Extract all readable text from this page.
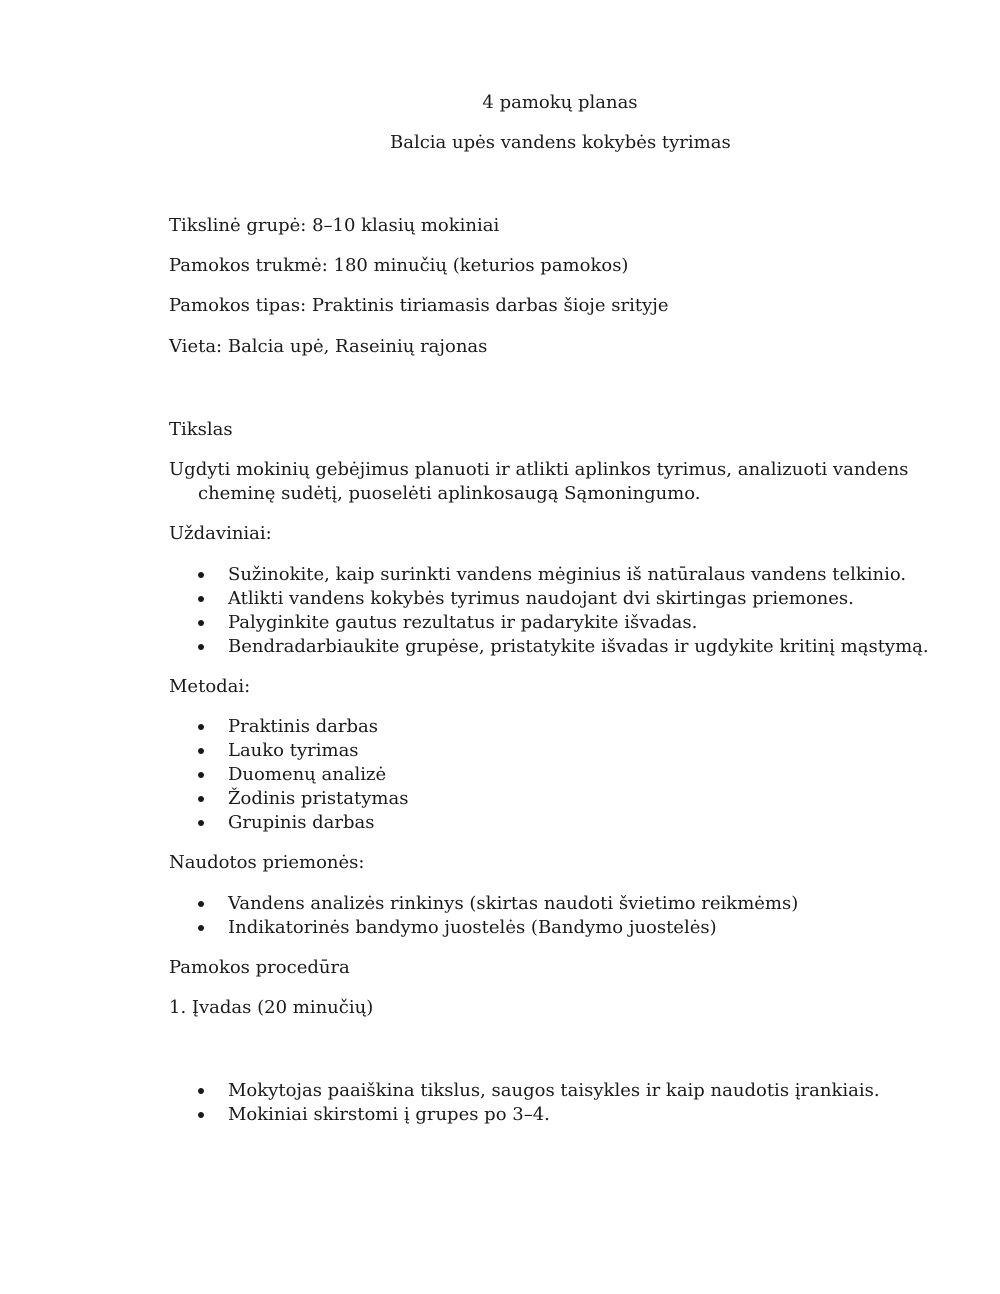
4 pamokų planas
Balcia upės vandens kokybės tyrimas
Tikslinė grupė: 8–10 klasių mokiniai
Pamokos trukmė: 180 minučių (keturios pamokos)
Pamokos tipas: Praktinis tiriamasis darbas šioje srityje
Vieta: Balcia upė, Raseinių rajonas
Tikslas
Ugdyti mokinių gebėjimus planuoti ir atlikti aplinkos tyrimus, analizuoti vandens cheminę sudėtį, puoselėti aplinkosaugą Sąmoningumo.
Uždaviniai:
Sužinokite, kaip surinkti vandens mėginius iš natūralaus vandens telkinio.
Atlikti vandens kokybės tyrimus naudojant dvi skirtingas priemones.
Palyginkite gautus rezultatus ir padarykite išvadas.
Bendradarbiaukite grupėse, pristatykite išvadas ir ugdykite kritinį mąstymą.
Metodai:
Praktinis darbas
Lauko tyrimas
Duomenų analizė
Žodinis pristatymas
Grupinis darbas
Naudotos priemonės:
Vandens analizės rinkinys (skirtas naudoti švietimo reikmėms)
Indikatorinės bandymo juostelės (Bandymo juostelės)
Pamokos procedūra
1. Įvadas (20 minučių)
Mokytojas paaiškina tikslus, saugos taisykles ir kaip naudotis įrankiais.
Mokiniai skirstomi į grupes po 3–4.
